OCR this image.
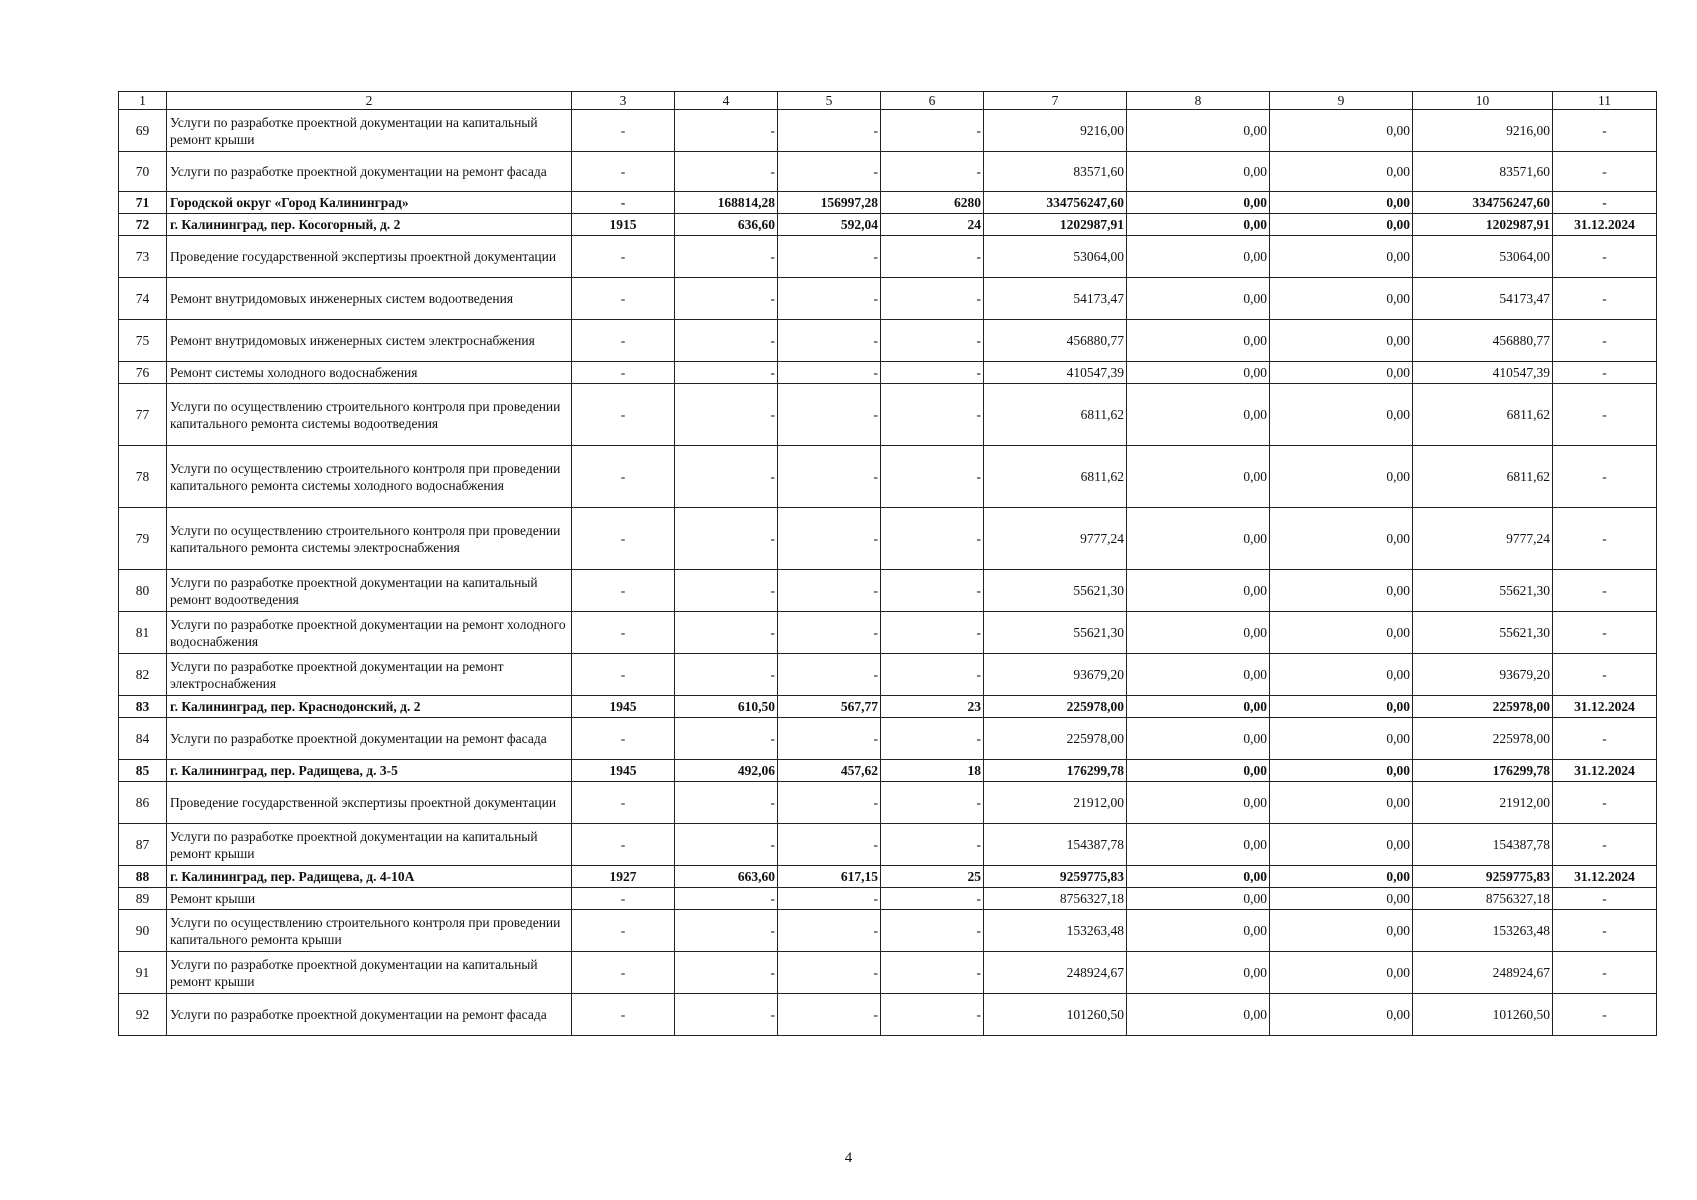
1	2	3	4	5	6	7	8	9	10	11
69	Услуги по разработке проектной документации на капитальный ремонт крыши	-	-	-	-	9216,00	0,00	0,00	9216,00	-
70	Услуги по разработке проектной документации на ремонт фасада	-	-	-	-	83571,60	0,00	0,00	83571,60	-
71	Городской округ «Город Калининград»	-	168814,28	156997,28	6280	334756247,60	0,00	0,00	334756247,60	-
72	г. Калининград, пер. Косогорный, д. 2	1915	636,60	592,04	24	1202987,91	0,00	0,00	1202987,91	31.12.2024
73	Проведение государственной экспертизы проектной документации	-	-	-	-	53064,00	0,00	0,00	53064,00	-
74	Ремонт внутридомовых инженерных систем водоотведения	-	-	-	-	54173,47	0,00	0,00	54173,47	-
75	Ремонт внутридомовых инженерных систем электроснабжения	-	-	-	-	456880,77	0,00	0,00	456880,77	-
76	Ремонт системы холодного водоснабжения	-	-	-	-	410547,39	0,00	0,00	410547,39	-
77	Услуги по осуществлению строительного контроля при проведении капитального ремонта системы водоотведения	-	-	-	-	6811,62	0,00	0,00	6811,62	-
78	Услуги по осуществлению строительного контроля при проведении капитального ремонта системы холодного водоснабжения	-	-	-	-	6811,62	0,00	0,00	6811,62	-
79	Услуги по осуществлению строительного контроля при проведении капитального ремонта системы электроснабжения	-	-	-	-	9777,24	0,00	0,00	9777,24	-
80	Услуги по разработке проектной документации на капитальный ремонт водоотведения	-	-	-	-	55621,30	0,00	0,00	55621,30	-
81	Услуги по разработке проектной документации на ремонт холодного водоснабжения	-	-	-	-	55621,30	0,00	0,00	55621,30	-
82	Услуги по разработке проектной документации на ремонт электроснабжения	-	-	-	-	93679,20	0,00	0,00	93679,20	-
83	г. Калининград, пер. Краснодонский, д. 2	1945	610,50	567,77	23	225978,00	0,00	0,00	225978,00	31.12.2024
84	Услуги по разработке проектной документации на ремонт фасада	-	-	-	-	225978,00	0,00	0,00	225978,00	-
85	г. Калининград, пер. Радищева, д. 3-5	1945	492,06	457,62	18	176299,78	0,00	0,00	176299,78	31.12.2024
86	Проведение государственной экспертизы проектной документации	-	-	-	-	21912,00	0,00	0,00	21912,00	-
87	Услуги по разработке проектной документации на капитальный ремонт крыши	-	-	-	-	154387,78	0,00	0,00	154387,78	-
88	г. Калининград, пер. Радищева, д. 4-10А	1927	663,60	617,15	25	9259775,83	0,00	0,00	9259775,83	31.12.2024
89	Ремонт крыши	-	-	-	-	8756327,18	0,00	0,00	8756327,18	-
90	Услуги по осуществлению строительного контроля при проведении капитального ремонта крыши	-	-	-	-	153263,48	0,00	0,00	153263,48	-
91	Услуги по разработке проектной документации на капитальный ремонт крыши	-	-	-	-	248924,67	0,00	0,00	248924,67	-
92	Услуги по разработке проектной документации на ремонт фасада	-	-	-	-	101260,50	0,00	0,00	101260,50	-
4
